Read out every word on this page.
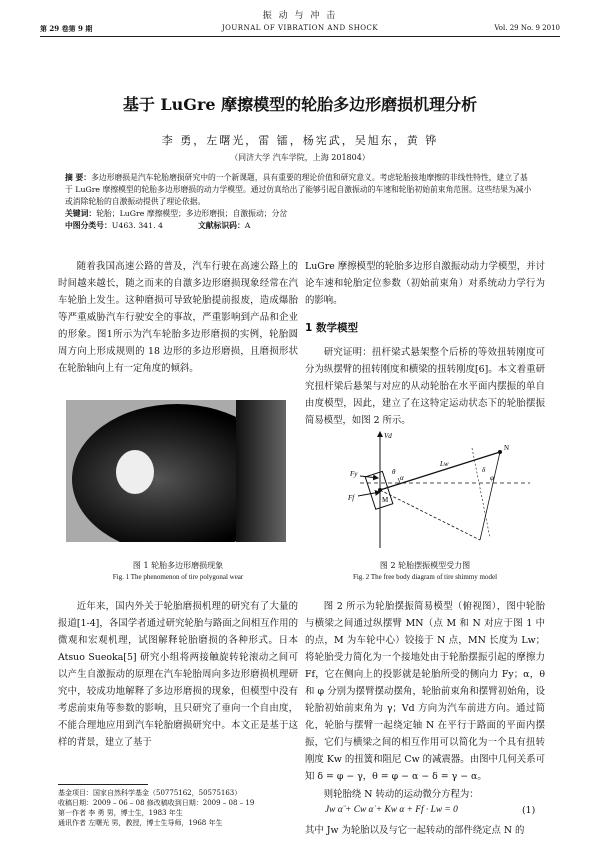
振 动 与 冲 击
第 29 卷第 9 期	JOURNAL OF VIBRATION AND SHOCK	Vol. 29 No. 9 2010
基于 LuGre 摩擦模型的轮胎多边形磨损机理分析
李 勇，左曙光，雷 镭，杨宪武，吴旭东，黄 铧
（同济大学 汽车学院，上海 201804）
摘 要：多边形磨损是汽车轮胎磨损研究中的一个新课题，具有重要的理论价值和研究意义。考虑轮胎接地摩擦的非线性特性，建立了基于 LuGre 摩擦模型的轮胎多边形磨损的动力学模型。通过仿真给出了能够引起自激振动的车速和轮胎初始前束角范围。这些结果为减小或消除轮胎的自激振动提供了理论依据。
关键词：轮胎；LuGre 摩擦模型；多边形磨损；自激振动；分岔
中图分类号：U463. 341. 4	文献标识码：A
随着我国高速公路的普及，汽车行驶在高速公路上的时间越来越长，随之而来的自激多边形磨损现象经常在汽车轮胎上发生。这种磨损可导致轮胎提前报废，造成爆胎等严重威胁汽车行驶安全的事故，严重影响到产品和企业的形象。图1所示为汽车轮胎多边形磨损的实例，轮胎圆周方向上形成规则的 18 边形的多边形磨损，且磨损形状在轮胎轴向上有一定角度的倾斜。
图 1 轮胎多边形磨损现象
Fig. 1 The phenomenon of tire polygonal wear
近年来，国内外关于轮胎磨损机理的研究有了大量的报道[1-4]，各国学者通过研究轮胎与路面之间相互作用的微观和宏观机理，试图解释轮胎磨损的各种形式。日本 Atsuo Sueoka[5] 研究小组将两接触旋转轮滚动之间可以产生自激振动的原理在汽车轮胎周向多边形磨损机理研究中，较成功地解释了多边形磨损的现象，但模型中没有考虑前束角等参数的影响，且只研究了垂向一个自由度，不能合理地应用到汽车轮胎磨损研究中。本文正是基于这样的背景，建立了基于
LuGre 摩擦模型的轮胎多边形自激振动动力学模型，并讨论车速和轮胎定位参数（初始前束角）对系统动力学行为的影响。
1 数学模型
研究证明：扭杆梁式悬架整个后桥的等效扭转刚度可分为纵摆臂的扭转刚度和横梁的扭转刚度[6]。本文着重研究扭杆梁后悬架与对应的从动轮胎在水平面内摆振的单自由度模型，因此，建立了在这特定运动状态下的轮胎摆振简易模型，如图 2 所示。
Vd
Fy
Ff	M
N
Lw
α
θ	δ
φ
图 2 轮胎摆振模型受力图
Fig. 2 The free body diagram of tire shimmy model
图 2 所示为轮胎摆振简易模型（俯视图），图中轮胎与横梁之间通过纵摆臂 MN（点 M 和 N 对应于图 1 中的点，M 为车轮中心）铰接于 N 点，MN 长度为 Lw；将轮胎受力简化为一个接地处由于轮胎摆振引起的摩擦力 Ff，它在侧向上的投影就是轮胎所受的侧向力 Fy；α，θ 和 φ 分别为摆臂摆动摆角，轮胎前束角和摆臂初始角，设轮胎初始前束角为 γ；Vd 方向为汽车前进方向。通过简化，轮胎与摆臂一起绕定轴 N 在平行于路面的平面内摆振，它们与横梁之间的相互作用可以简化为一个具有扭转刚度 Kw 的扭簧和阻尼 Cw 的减震器。由图中几何关系可知 δ = φ − γ，θ = φ − α − δ = γ − α。
则轮胎绕 N 转动的运动微分方程为：
Jw α̈ + Cw α̇ + Kw α + Ff · Lw = 0	(1)
其中 Jw 为轮胎以及与它一起转动的部件绕定点 N 的
基金项目：国家自然科学基金（50775162，50575163）
收稿日期：2009 – 06 – 08 修改稿收到日期：2009 – 08 – 19
第一作者 李 勇 男，博士生，1983 年生
通讯作者 左曙光 男，教授，博士生导师，1968 年生
